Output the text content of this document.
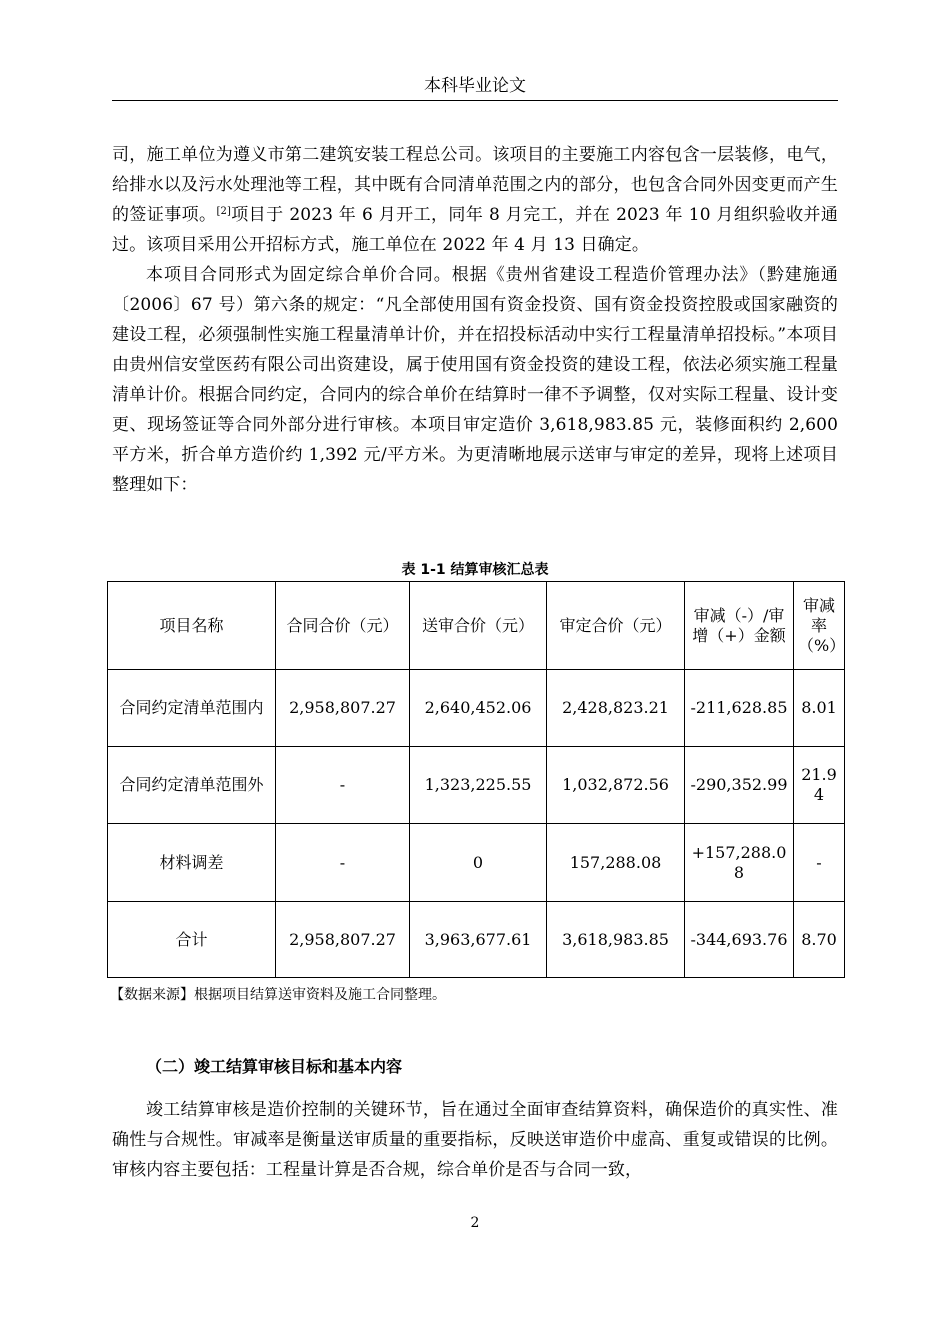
本科毕业论文

司，施工单位为遵义市第二建筑安装工程总公司。该项目的主要施工内容包含一层装修，电气，给排水以及污水处理池等工程，其中既有合同清单范围之内的部分，也包含合同外因变更而产生的签证事项。[2]项目于 2023 年 6 月开工，同年 8 月完工，并在 2023 年 10 月组织验收并通过。该项目采用公开招标方式，施工单位在 2022 年 4 月 13 日确定。

本项目合同形式为固定综合单价合同。根据《贵州省建设工程造价管理办法》（黔建施通〔2006〕67 号）第六条的规定：“凡全部使用国有资金投资、国有资金投资控股或国家融资的建设工程，必须强制性实施工程量清单计价，并在招投标活动中实行工程量清单招投标。”本项目由贵州信安堂医药有限公司出资建设，属于使用国有资金投资的建设工程，依法必须实施工程量清单计价。根据合同约定，合同内的综合单价在结算时一律不予调整，仅对实际工程量、设计变更、现场签证等合同外部分进行审核。本项目审定造价 3,618,983.85 元，装修面积约 2,600 平方米，折合单方造价约 1,392 元/平方米。为更清晰地展示送审与审定的差异，现将上述项目整理如下：

表 1-1 结算审核汇总表
项目名称	合同合价（元）	送审合价（元）	审定合价（元）	审减（-）/审增（+）金额	审减率（%）
合同约定清单范围内	2,958,807.27	2,640,452.06	2,428,823.21	-211,628.85	8.01
合同约定清单范围外	-	1,323,225.55	1,032,872.56	-290,352.99	21.94
材料调差	-	0	157,288.08	+157,288.08	-
合计	2,958,807.27	3,963,677.61	3,618,983.85	-344,693.76	8.70
【数据来源】根据项目结算送审资料及施工合同整理。
（二）竣工结算审核目标和基本内容

竣工结算审核是造价控制的关键环节，旨在通过全面审查结算资料，确保造价的真实性、准确性与合规性。审减率是衡量送审质量的重要指标，反映送审造价中虚高、重复或错误的比例。审核内容主要包括：工程量计算是否合规，综合单价是否与合同一致，

2
